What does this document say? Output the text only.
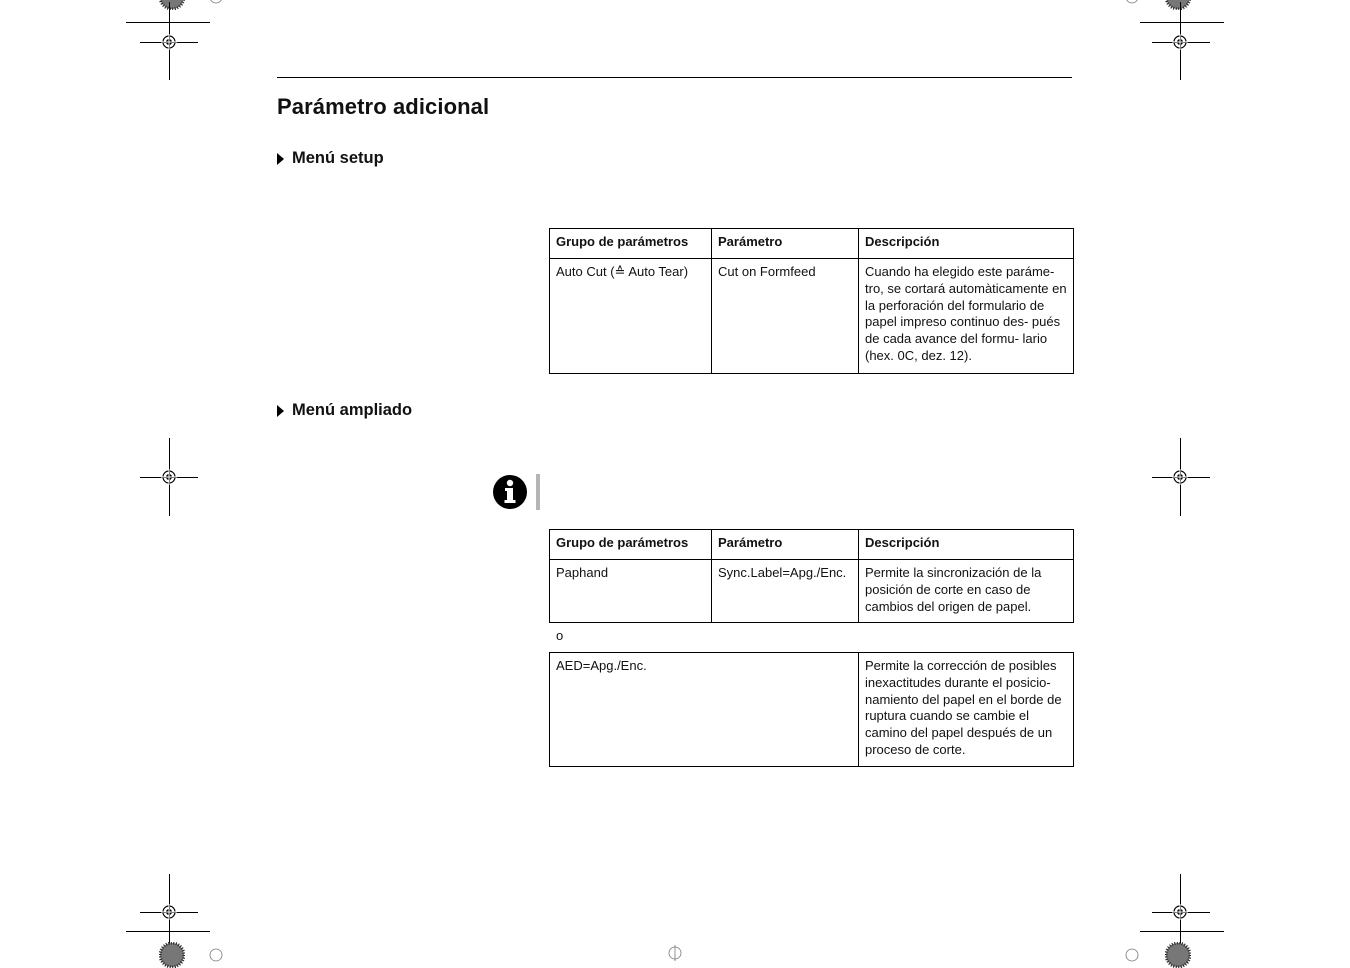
Parámetro adicional
Menú setup
Grupo de parámetros	Parámetro	Descripción
Auto Cut (≙ Auto Tear)	Cut on Formfeed	Cuando ha elegido este paráme- tro, se cortará automàticamente en la perforación del formulario de papel impreso continuo des- pués de cada avance del formu- lario (hex. 0C, dez. 12).
Menú ampliado
Grupo de parámetros	Parámetro	Descripción
Paphand	Sync.Label=Apg./Enc.	Permite la sincronización de la posición de corte en caso de cambios del origen de papel.
o
AED=Apg./Enc.	Permite la corrección de posibles inexactitudes durante el posicio- namiento del papel en el borde de ruptura cuando se cambie el camino del papel después de un proceso de corte.
